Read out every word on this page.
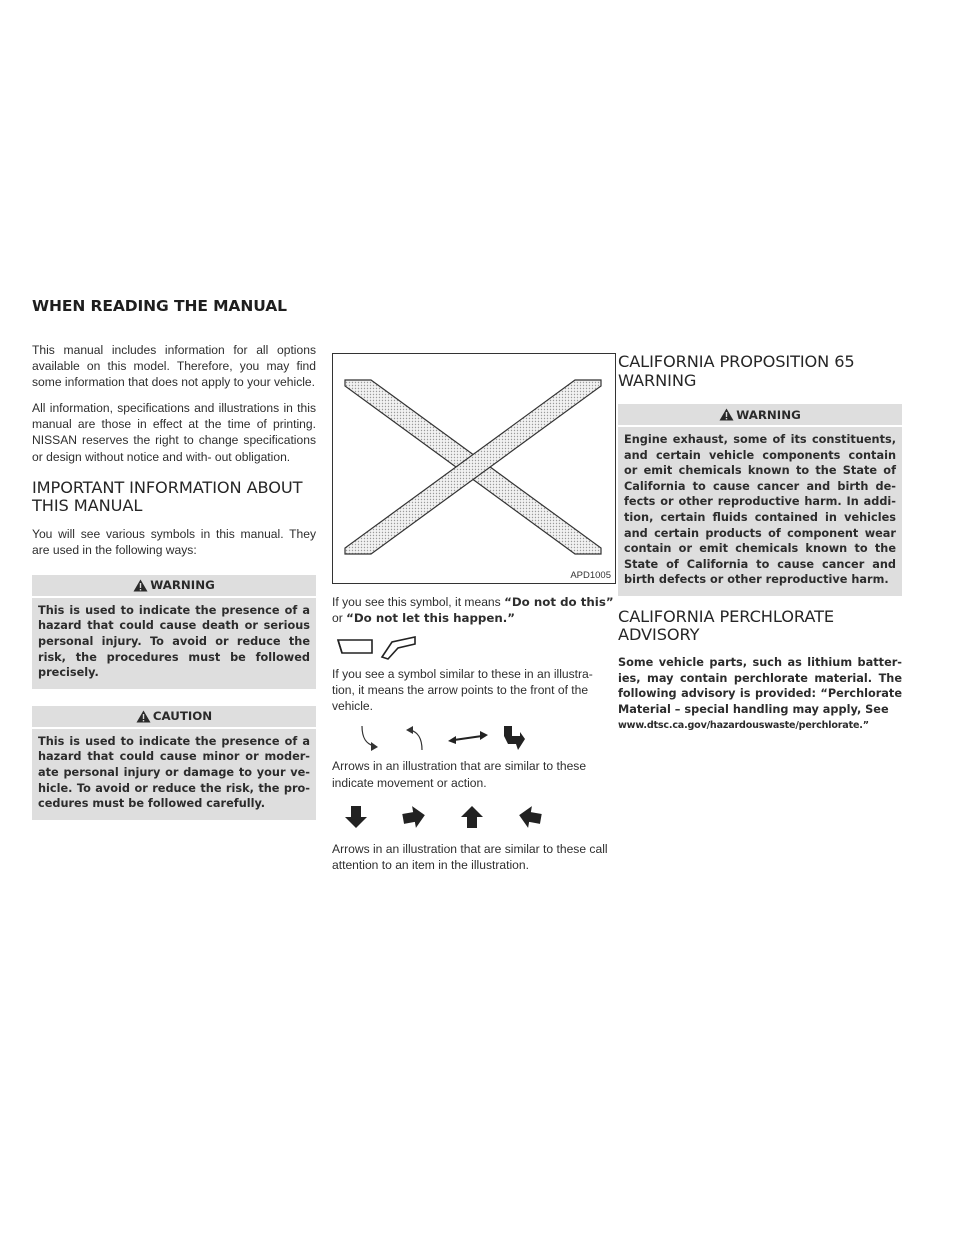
WHEN READING THE MANUAL

This manual includes information for all options available on this model. Therefore, you may find some information that does not apply to your vehicle.

All information, specifications and illustrations in this manual are those in effect at the time of printing. NISSAN reserves the right to change specifications or design without notice and with- out obligation.

IMPORTANT INFORMATION ABOUT THIS MANUAL

You will see various symbols in this manual. They are used in the following ways:

WARNING
This is used to indicate the presence of a hazard that could cause death or serious personal injury. To avoid or reduce the risk, the procedures must be followed precisely.
CAUTION
This is used to indicate the presence of a hazard that could cause minor or moder- ate personal injury or damage to your ve- hicle. To avoid or reduce the risk, the pro- cedures must be followed carefully.
APD1005

If you see this symbol, it means “Do not do this” or “Do not let this happen.”

If you see a symbol similar to these in an illustra- tion, it means the arrow points to the front of the vehicle.

Arrows in an illustration that are similar to these indicate movement or action.

Arrows in an illustration that are similar to these call attention to an item in the illustration.

CALIFORNIA PROPOSITION 65 WARNING
WARNING
Engine exhaust, some of its constituents, and certain vehicle components contain or emit chemicals known to the State of California to cause cancer and birth de- fects or other reproductive harm. In addi- tion, certain fluids contained in vehicles and certain products of component wear contain or emit chemicals known to the State of California to cause cancer and birth defects or other reproductive harm.
CALIFORNIA PERCHLORATE ADVISORY

Some vehicle parts, such as lithium batter- ies, may contain perchlorate material. The following advisory is provided: “Perchlorate Material – special handling may apply, See
www.dtsc.ca.gov/hazardouswaste/perchlorate.”
